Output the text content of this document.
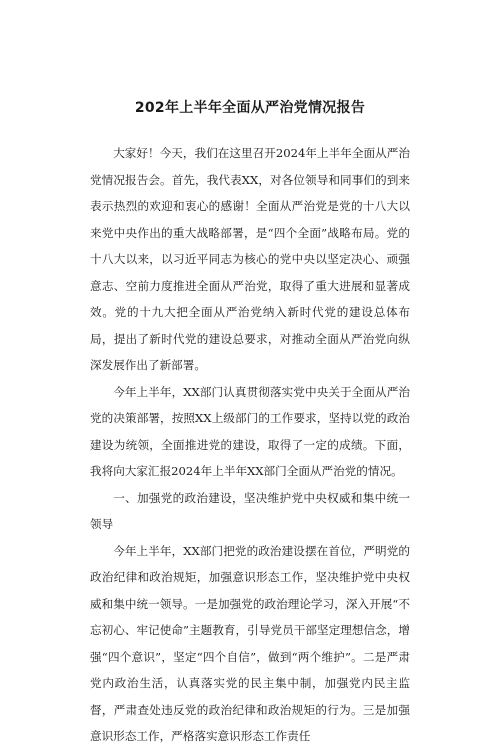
202年上半年全面从严治党情况报告

大家好！今天，我们在这里召开2024年上半年全面从严治党情况报告会。首先，我代表XX，对各位领导和同事们的到来表示热烈的欢迎和衷心的感谢！全面从严治党是党的十八大以来党中央作出的重大战略部署，是“四个全面”战略布局。党的十八大以来，以习近平同志为核心的党中央以坚定决心、顽强意志、空前力度推进全面从严治党，取得了重大进展和显著成效。党的十九大把全面从严治党纳入新时代党的建设总体布局，提出了新时代党的建设总要求，对推动全面从严治党向纵深发展作出了新部署。

今年上半年，XX部门认真贯彻落实党中央关于全面从严治党的决策部署，按照XX上级部门的工作要求，坚持以党的政治建设为统领，全面推进党的建设，取得了一定的成绩。下面，我将向大家汇报2024年上半年XX部门全面从严治党的情况。

一、加强党的政治建设，坚决维护党中央权威和集中统一领导

今年上半年，XX部门把党的政治建设摆在首位，严明党的政治纪律和政治规矩，加强意识形态工作，坚决维护党中央权威和集中统一领导。一是加强党的政治理论学习，深入开展“不忘初心、牢记使命”主题教育，引导党员干部坚定理想信念，增强“四个意识”，坚定“四个自信”，做到“两个维护”。二是严肃党内政治生活，认真落实党的民主集中制，加强党内民主监督，严肃查处违反党的政治纪律和政治规矩的行为。三是加强意识形态工作，严格落实意识形态工作责任
